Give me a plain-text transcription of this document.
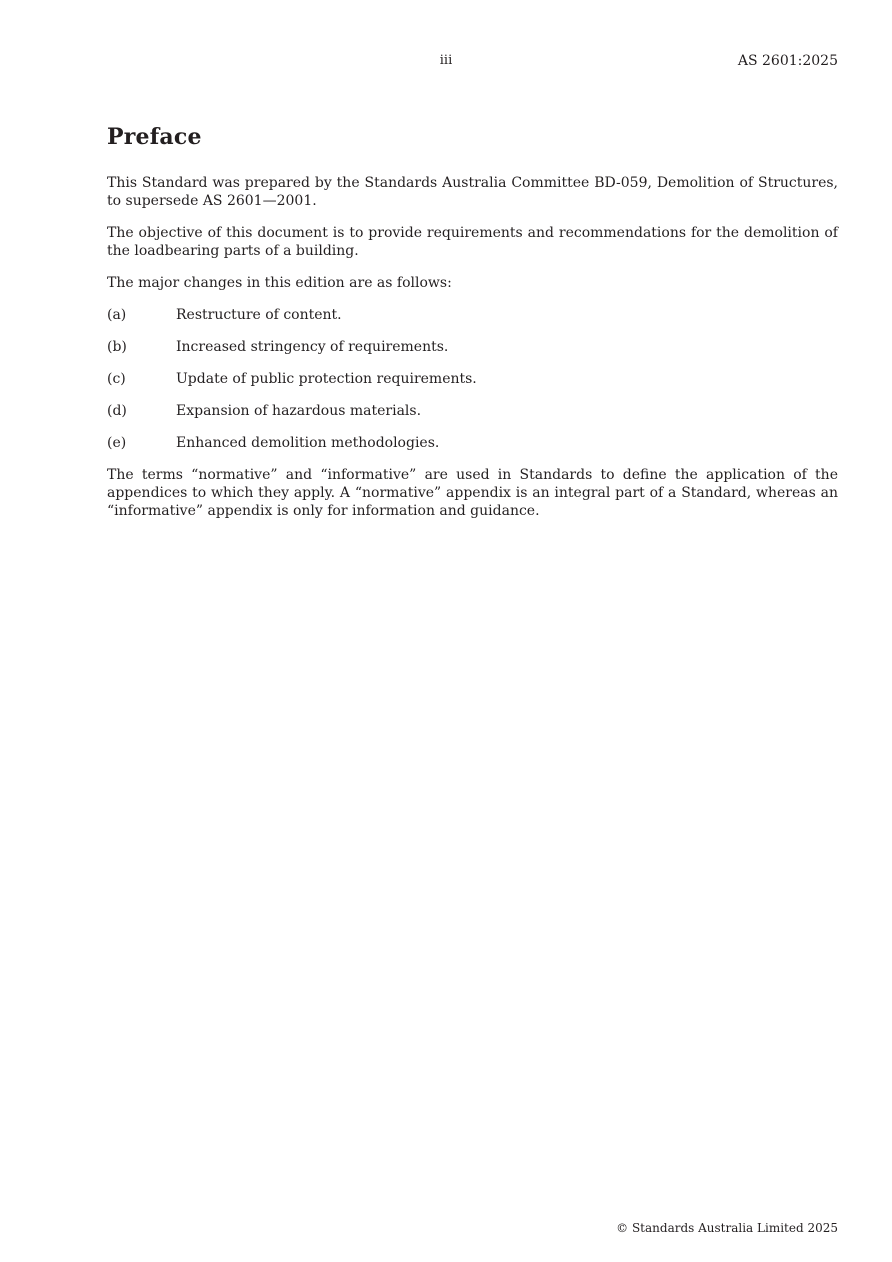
iii	AS 2601:2025
Preface

This Standard was prepared by the Standards Australia Committee BD-059, Demolition of Structures, to supersede AS 2601—2001.

The objective of this document is to provide requirements and recommendations for the demolition of the loadbearing parts of a building.

The major changes in this edition are as follows:

(a)	Restructure of content.
(b)	Increased stringency of requirements.
(c)	Update of public protection requirements.
(d)	Expansion of hazardous materials.
(e)	Enhanced demolition methodologies.

The terms “normative” and “informative” are used in Standards to define the application of the appendices to which they apply. A “normative” appendix is an integral part of a Standard, whereas an “informative” appendix is only for information and guidance.

© Standards Australia Limited 2025
